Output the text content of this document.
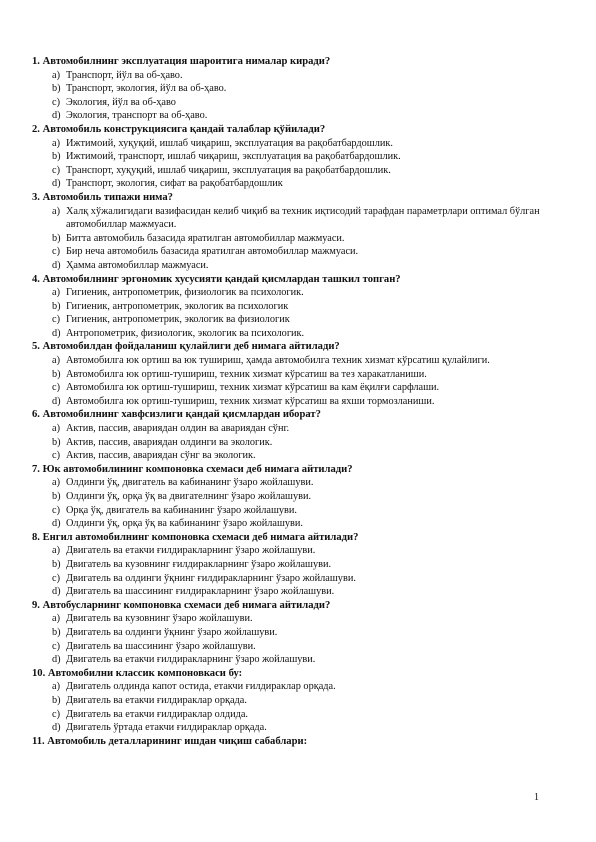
1. Автомобилнинг эксплуатация шароитига нималар киради?

a) Транспорт, йўл ва об-ҳаво.
b) Транспорт, экология, йўл ва об-ҳаво.
c) Экология, йўл ва об-ҳаво
d) Экология, транспорт ва об-ҳаво.

2. Автомобиль конструкциясига қандай талаблар қўйилади?

a) Ижтимоий, хуқуқий, ишлаб чиқариш, эксплуатация ва рақобатбардошлик.
b) Ижтимоий, транспорт, ишлаб чиқариш, эксплуатация ва рақобатбардошлик.
c) Транспорт, хуқуқий, ишлаб чиқариш, эксплуатация ва рақобатбардошлик.
d) Транспорт, экология, сифат ва рақобатбардошлик

3. Автомобиль типажи нима?

a) Халқ хўжалигидаги вазифасидан келиб чиқиб ва техник иқтисодий тарафдан параметрлари оптимал бўлган автомобиллар мажмуаси.
b) Битта автомобиль базасида яратилган автомобиллар мажмуаси.
c) Бир неча автомобиль базасида яратилган автомобиллар мажмуаси.
d) Ҳамма автомобиллар мажмуаси.

4. Автомобилнинг эргономик хусусияти қандай қисмлардан ташкил топган?

a) Гигиеник, антропометрик, физиологик ва психологик.
b) Гигиеник, антропометрик, экологик ва психологик
c) Гигиеник, антропометрик, экологик ва физиологик
d) Антропометрик, физиологик, экологик ва психологик.

5. Автомобилдан фойдаланиш қулайлиги деб нимага айтилади?

a) Автомобилга юк ортиш ва юк тушириш, ҳамда автомобилга техник хизмат кўрсатиш қулайлиги.
b) Автомобилга юк ортиш-тушириш, техник хизмат кўрсатиш ва тез харакатланиши.
c) Автомобилга юк ортиш-тушириш, техник хизмат кўрсатиш ва кам ёқилғи сарфлаши.
d) Автомобилга юк ортиш-тушириш, техник хизмат кўрсатиш ва яхши тормозланиши.

6. Автомобилнинг хавфсизлиги қандай қисмлардан иборат?

a) Актив, пассив, авариядан олдин ва авариядан сўнг.
b) Актив, пассив, авариядан олдинги ва экологик.
c) Актив, пассив, авариядан сўнг ва экологик.

7. Юк автомобилининг компоновка схемаси деб нимага айтилади?

a) Олдинги ўқ, двигатель ва кабинанинг ўзаро жойлашуви.
b) Олдинги ўқ, орқа ўқ ва двигателнинг ўзаро жойлашуви.
c) Орқа ўқ, двигатель ва кабинанинг ўзаро жойлашуви.
d) Олдинги ўқ, орқа ўқ ва кабинанинг ўзаро жойлашуви.

8. Енгил автомобилнинг компоновка схемаси деб нимага айтилади?

a) Двигатель ва етакчи ғилдиракларнинг ўзаро жойлашуви.
b) Двигатель ва кузовнинг ғилдиракларнинг ўзаро жойлашуви.
c) Двигатель ва олдинги ўқнинг ғилдиракларнинг ўзаро жойлашуви.
d) Двигатель ва шассининг ғилдиракларнинг ўзаро жойлашуви.

9. Автобусларнинг компоновка схемаси деб нимага айтилади?

a) Двигатель ва кузовнинг ўзаро жойлашуви.
b) Двигатель ва олдинги ўқнинг ўзаро жойлашуви.
c) Двигатель ва шассининг ўзаро жойлашуви.
d) Двигатель ва етакчи ғилдиракларнинг ўзаро жойлашуви.

10. Автомобилни классик компоновкаси бу:

a) Двигатель олдинда капот остида, етакчи ғилдираклар орқада.
b) Двигатель ва етакчи ғилдираклар орқада.
c) Двигатель ва етакчи ғилдираклар олдида.
d) Двигатель ўртада етакчи ғилдираклар орқада.

11. Автомобиль деталларининг ишдан чиқиш сабаблари:

1
